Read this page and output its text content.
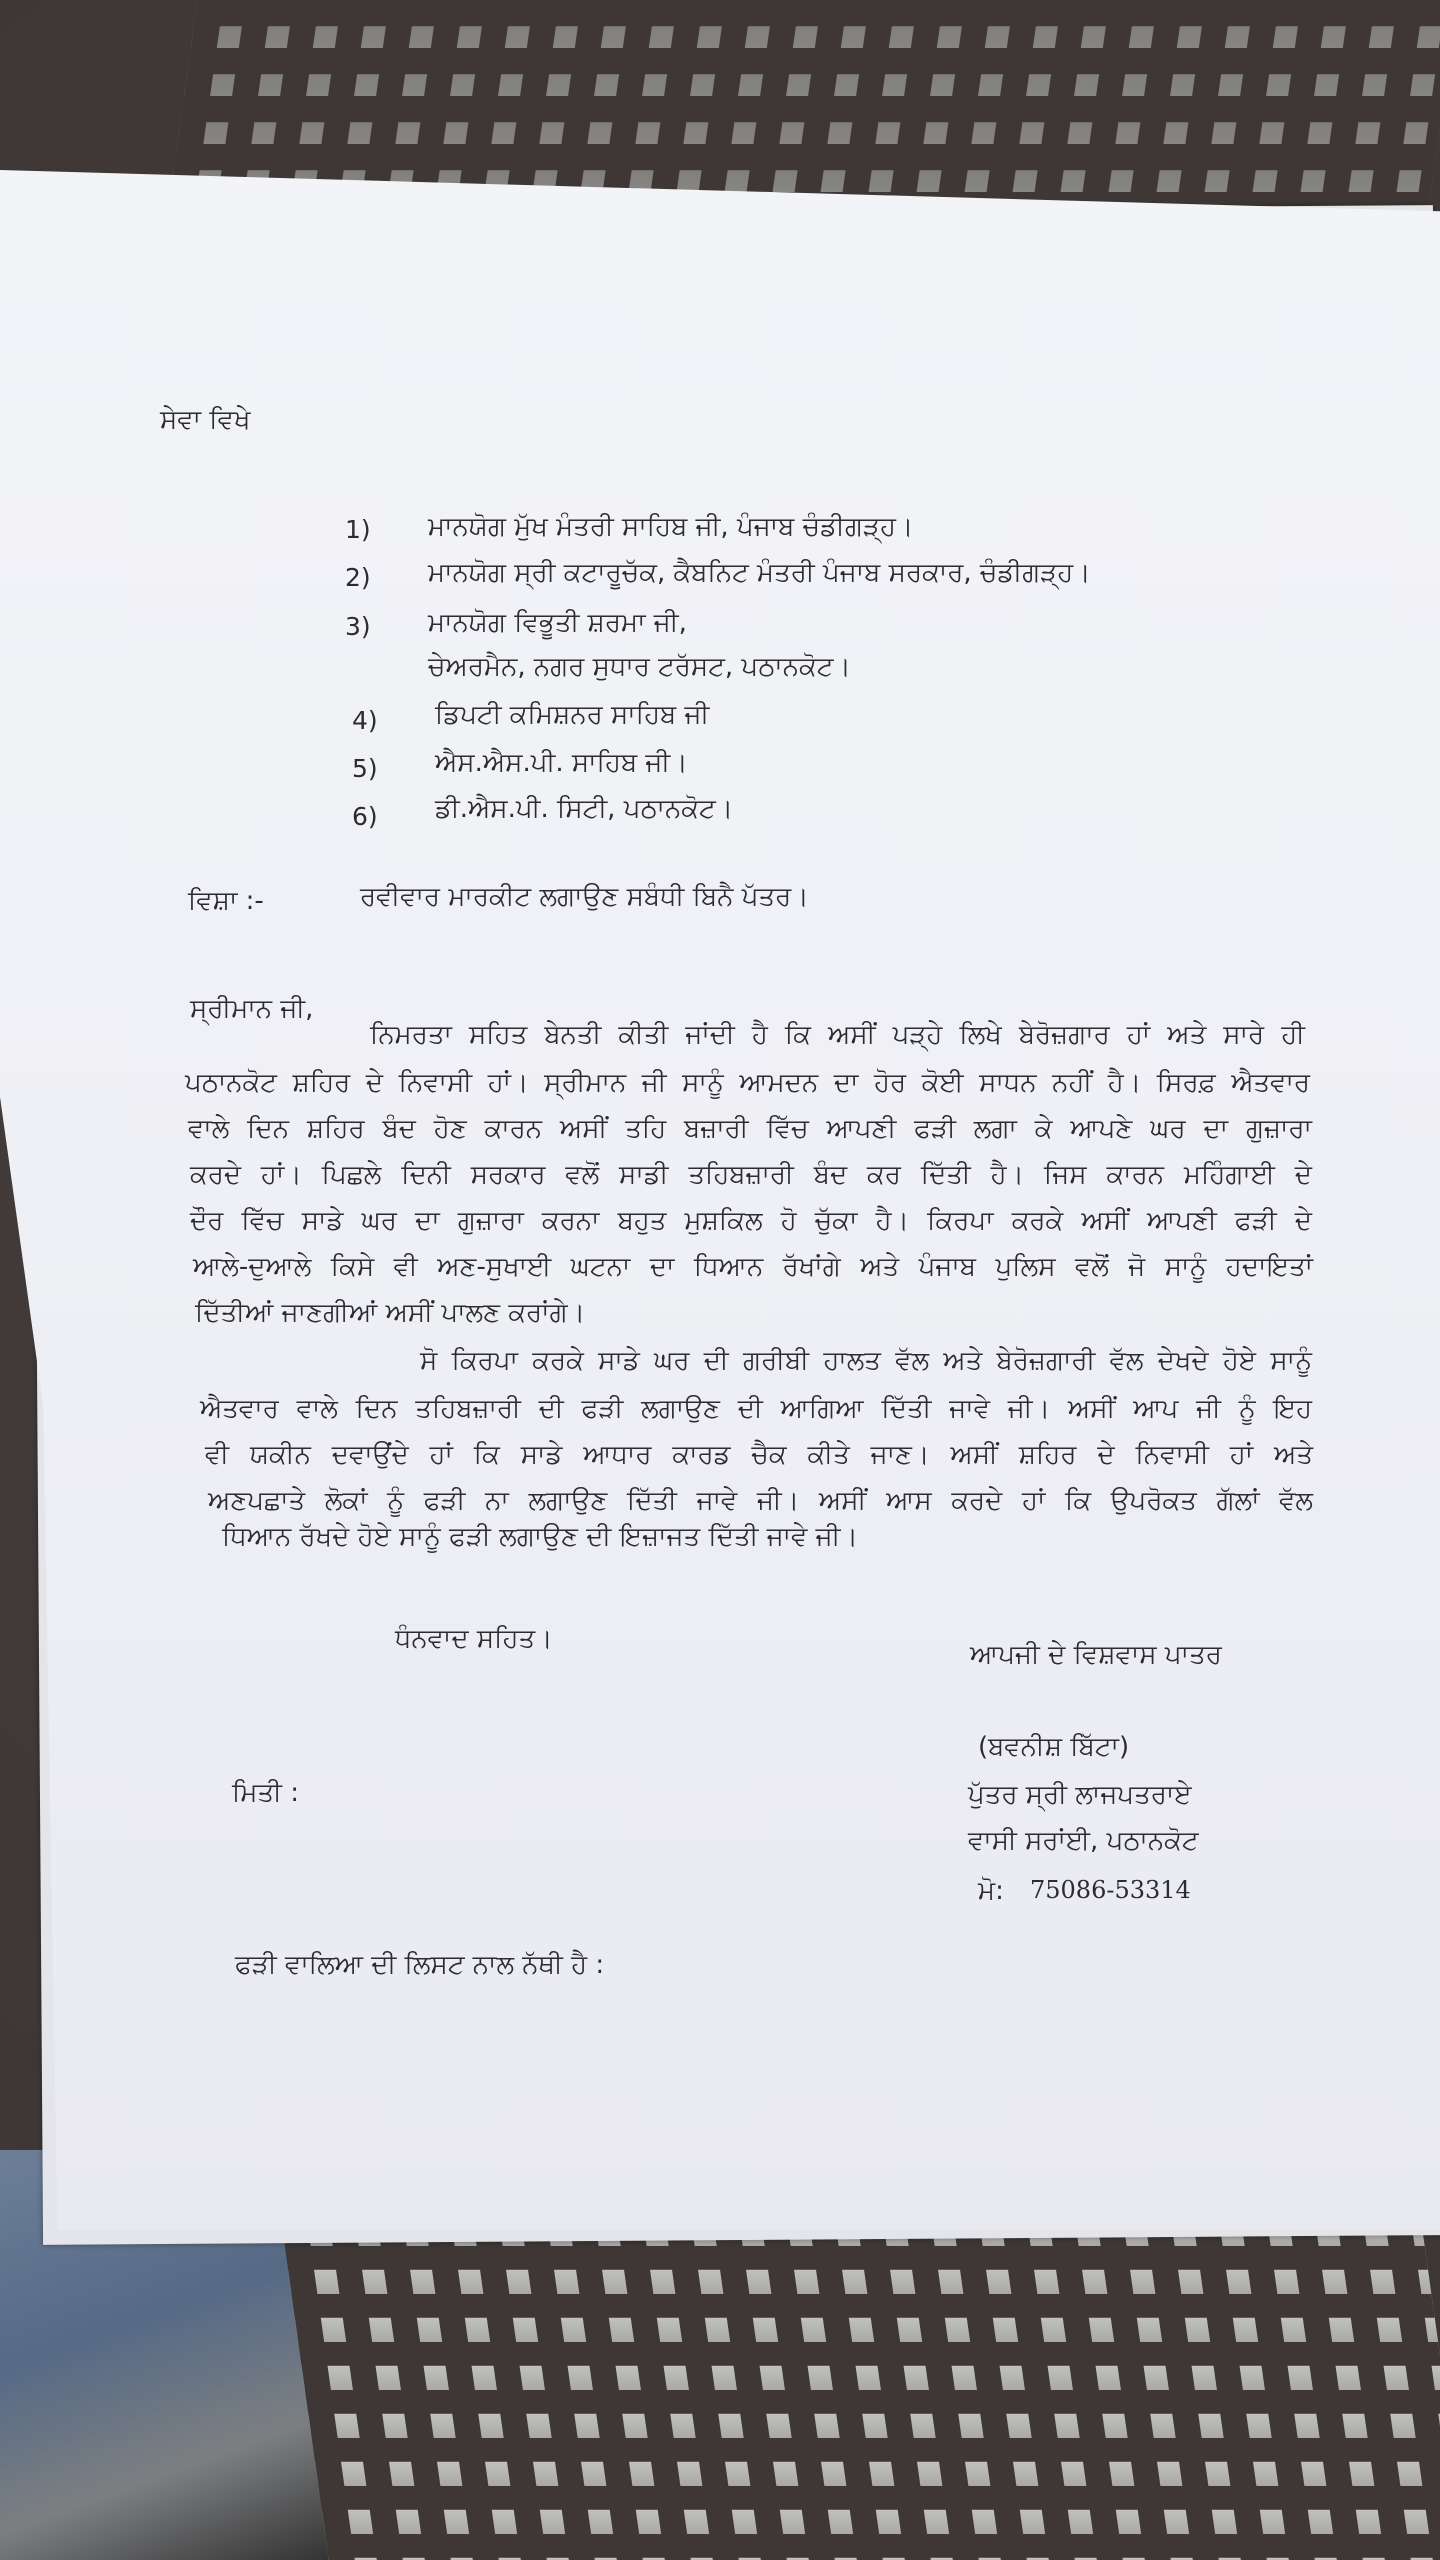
ਸੇਵਾ ਵਿਖੇ
1) ਮਾਨਯੋਗ ਮੁੱਖ ਮੰਤਰੀ ਸਾਹਿਬ ਜੀ, ਪੰਜਾਬ ਚੰਡੀਗੜ੍ਹ।
2) ਮਾਨਯੋਗ ਸ੍ਰੀ ਕਟਾਰੂਚੱਕ, ਕੈਬਨਿਟ ਮੰਤਰੀ ਪੰਜਾਬ ਸਰਕਾਰ, ਚੰਡੀਗੜ੍ਹ।
3) ਮਾਨਯੋਗ ਵਿਭੂਤੀ ਸ਼ਰਮਾ ਜੀ,
ਚੇਅਰਮੈਨ, ਨਗਰ ਸੁਧਾਰ ਟਰੱਸਟ, ਪਠਾਨਕੋਟ।
4) ਡਿਪਟੀ ਕਮਿਸ਼ਨਰ ਸਾਹਿਬ ਜੀ
5) ਐਸ.ਐਸ.ਪੀ. ਸਾਹਿਬ ਜੀ।
6) ਡੀ.ਐਸ.ਪੀ. ਸਿਟੀ, ਪਠਾਨਕੋਟ।
ਵਿਸ਼ਾ :-	ਰਵੀਵਾਰ ਮਾਰਕੀਟ ਲਗਾਉਣ ਸਬੰਧੀ ਬਿਨੈ ਪੱਤਰ।
ਸ੍ਰੀਮਾਨ ਜੀ,
ਨਿਮਰਤਾ ਸਹਿਤ ਬੇਨਤੀ ਕੀਤੀ ਜਾਂਦੀ ਹੈ ਕਿ ਅਸੀਂ ਪੜ੍ਹੇ ਲਿਖੇ ਬੇਰੋਜ਼ਗਾਰ ਹਾਂ ਅਤੇ ਸਾਰੇ ਹੀ
ਪਠਾਨਕੋਟ ਸ਼ਹਿਰ ਦੇ ਨਿਵਾਸੀ ਹਾਂ। ਸ੍ਰੀਮਾਨ ਜੀ ਸਾਨੂੰ ਆਮਦਨ ਦਾ ਹੋਰ ਕੋਈ ਸਾਧਨ ਨਹੀਂ ਹੈ। ਸਿਰਫ਼ ਐਤਵਾਰ
ਵਾਲੇ ਦਿਨ ਸ਼ਹਿਰ ਬੰਦ ਹੋਣ ਕਾਰਨ ਅਸੀਂ ਤਹਿ ਬਜ਼ਾਰੀ ਵਿੱਚ ਆਪਣੀ ਫੜੀ ਲਗਾ ਕੇ ਆਪਣੇ ਘਰ ਦਾ ਗੁਜ਼ਾਰਾ
ਕਰਦੇ ਹਾਂ। ਪਿਛਲੇ ਦਿਨੀ ਸਰਕਾਰ ਵਲੋਂ ਸਾਡੀ ਤਹਿਬਜ਼ਾਰੀ ਬੰਦ ਕਰ ਦਿੱਤੀ ਹੈ। ਜਿਸ ਕਾਰਨ ਮਹਿੰਗਾਈ ਦੇ
ਦੌਰ ਵਿੱਚ ਸਾਡੇ ਘਰ ਦਾ ਗੁਜ਼ਾਰਾ ਕਰਨਾ ਬਹੁਤ ਮੁਸ਼ਕਿਲ ਹੋ ਚੁੱਕਾ ਹੈ। ਕਿਰਪਾ ਕਰਕੇ ਅਸੀਂ ਆਪਣੀ ਫੜੀ ਦੇ
ਆਲੇ-ਦੁਆਲੇ ਕਿਸੇ ਵੀ ਅਣ-ਸੁਖਾਈ ਘਟਨਾ ਦਾ ਧਿਆਨ ਰੱਖਾਂਗੇ ਅਤੇ ਪੰਜਾਬ ਪੁਲਿਸ ਵਲੋਂ ਜੋ ਸਾਨੂੰ ਹਦਾਇਤਾਂ
ਦਿੱਤੀਆਂ ਜਾਣਗੀਆਂ ਅਸੀਂ ਪਾਲਣ ਕਰਾਂਗੇ।
ਸੋ ਕਿਰਪਾ ਕਰਕੇ ਸਾਡੇ ਘਰ ਦੀ ਗਰੀਬੀ ਹਾਲਤ ਵੱਲ ਅਤੇ ਬੇਰੋਜ਼ਗਾਰੀ ਵੱਲ ਦੇਖਦੇ ਹੋਏ ਸਾਨੂੰ
ਐਤਵਾਰ ਵਾਲੇ ਦਿਨ ਤਹਿਬਜ਼ਾਰੀ ਦੀ ਫੜੀ ਲਗਾਉਣ ਦੀ ਆਗਿਆ ਦਿੱਤੀ ਜਾਵੇ ਜੀ। ਅਸੀਂ ਆਪ ਜੀ ਨੂੰ ਇਹ
ਵੀ ਯਕੀਨ ਦਵਾਉਂਦੇ ਹਾਂ ਕਿ ਸਾਡੇ ਆਧਾਰ ਕਾਰਡ ਚੈਕ ਕੀਤੇ ਜਾਣ। ਅਸੀਂ ਸ਼ਹਿਰ ਦੇ ਨਿਵਾਸੀ ਹਾਂ ਅਤੇ
ਅਣਪਛਾਤੇ ਲੋਕਾਂ ਨੂੰ ਫੜੀ ਨਾ ਲਗਾਉਣ ਦਿੱਤੀ ਜਾਵੇ ਜੀ। ਅਸੀਂ ਆਸ ਕਰਦੇ ਹਾਂ ਕਿ ਉਪਰੋਕਤ ਗੱਲਾਂ ਵੱਲ
ਧਿਆਨ ਰੱਖਦੇ ਹੋਏ ਸਾਨੂੰ ਫੜੀ ਲਗਾਉਣ ਦੀ ਇਜ਼ਾਜਤ ਦਿੱਤੀ ਜਾਵੇ ਜੀ।
ਧੰਨਵਾਦ ਸਹਿਤ।
ਆਪਜੀ ਦੇ ਵਿਸ਼ਵਾਸ ਪਾਤਰ
ਮਿਤੀ :
(ਬਵਨੀਸ਼ ਬਿੱਟਾ)
ਪੁੱਤਰ ਸ੍ਰੀ ਲਾਜਪਤਰਾਏ
ਵਾਸੀ ਸਰਾਂਈ, ਪਠਾਨਕੋਟ
ਮੋ: 75086-53314
ਫੜੀ ਵਾਲਿਆ ਦੀ ਲਿਸਟ ਨਾਲ ਨੱਥੀ ਹੈ :
